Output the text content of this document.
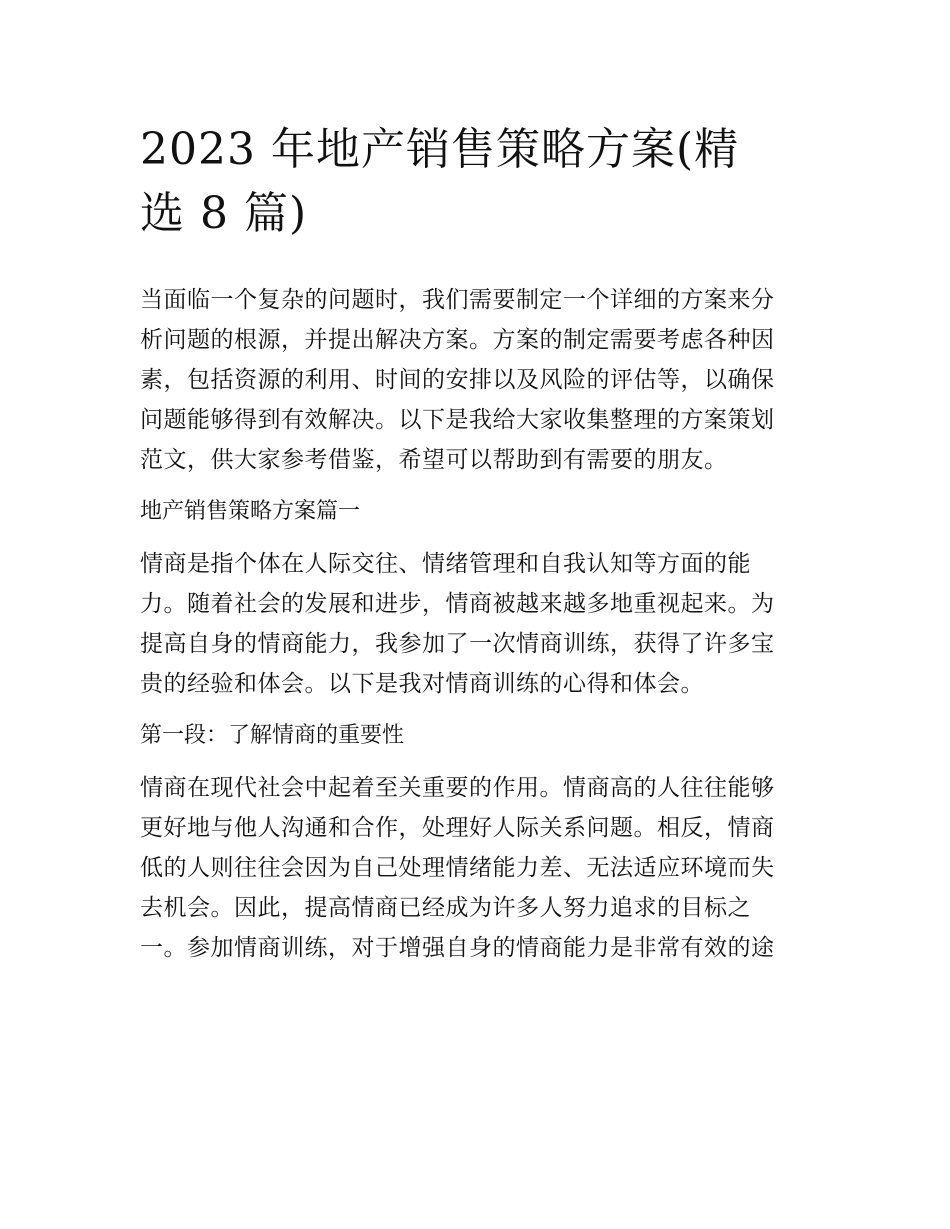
2023 年地产销售策略方案(精
选 8 篇)
当面临一个复杂的问题时，我们需要制定一个详细的方案来分
析问题的根源，并提出解决方案。方案的制定需要考虑各种因
素，包括资源的利用、时间的安排以及风险的评估等，以确保
问题能够得到有效解决。以下是我给大家收集整理的方案策划
范文，供大家参考借鉴，希望可以帮助到有需要的朋友。
地产销售策略方案篇一
情商是指个体在人际交往、情绪管理和自我认知等方面的能
力。随着社会的发展和进步，情商被越来越多地重视起来。为
提高自身的情商能力，我参加了一次情商训练，获得了许多宝
贵的经验和体会。以下是我对情商训练的心得和体会。
第一段：了解情商的重要性
情商在现代社会中起着至关重要的作用。情商高的人往往能够
更好地与他人沟通和合作，处理好人际关系问题。相反，情商
低的人则往往会因为自己处理情绪能力差、无法适应环境而失
去机会。因此，提高情商已经成为许多人努力追求的目标之
一。参加情商训练，对于增强自身的情商能力是非常有效的途
